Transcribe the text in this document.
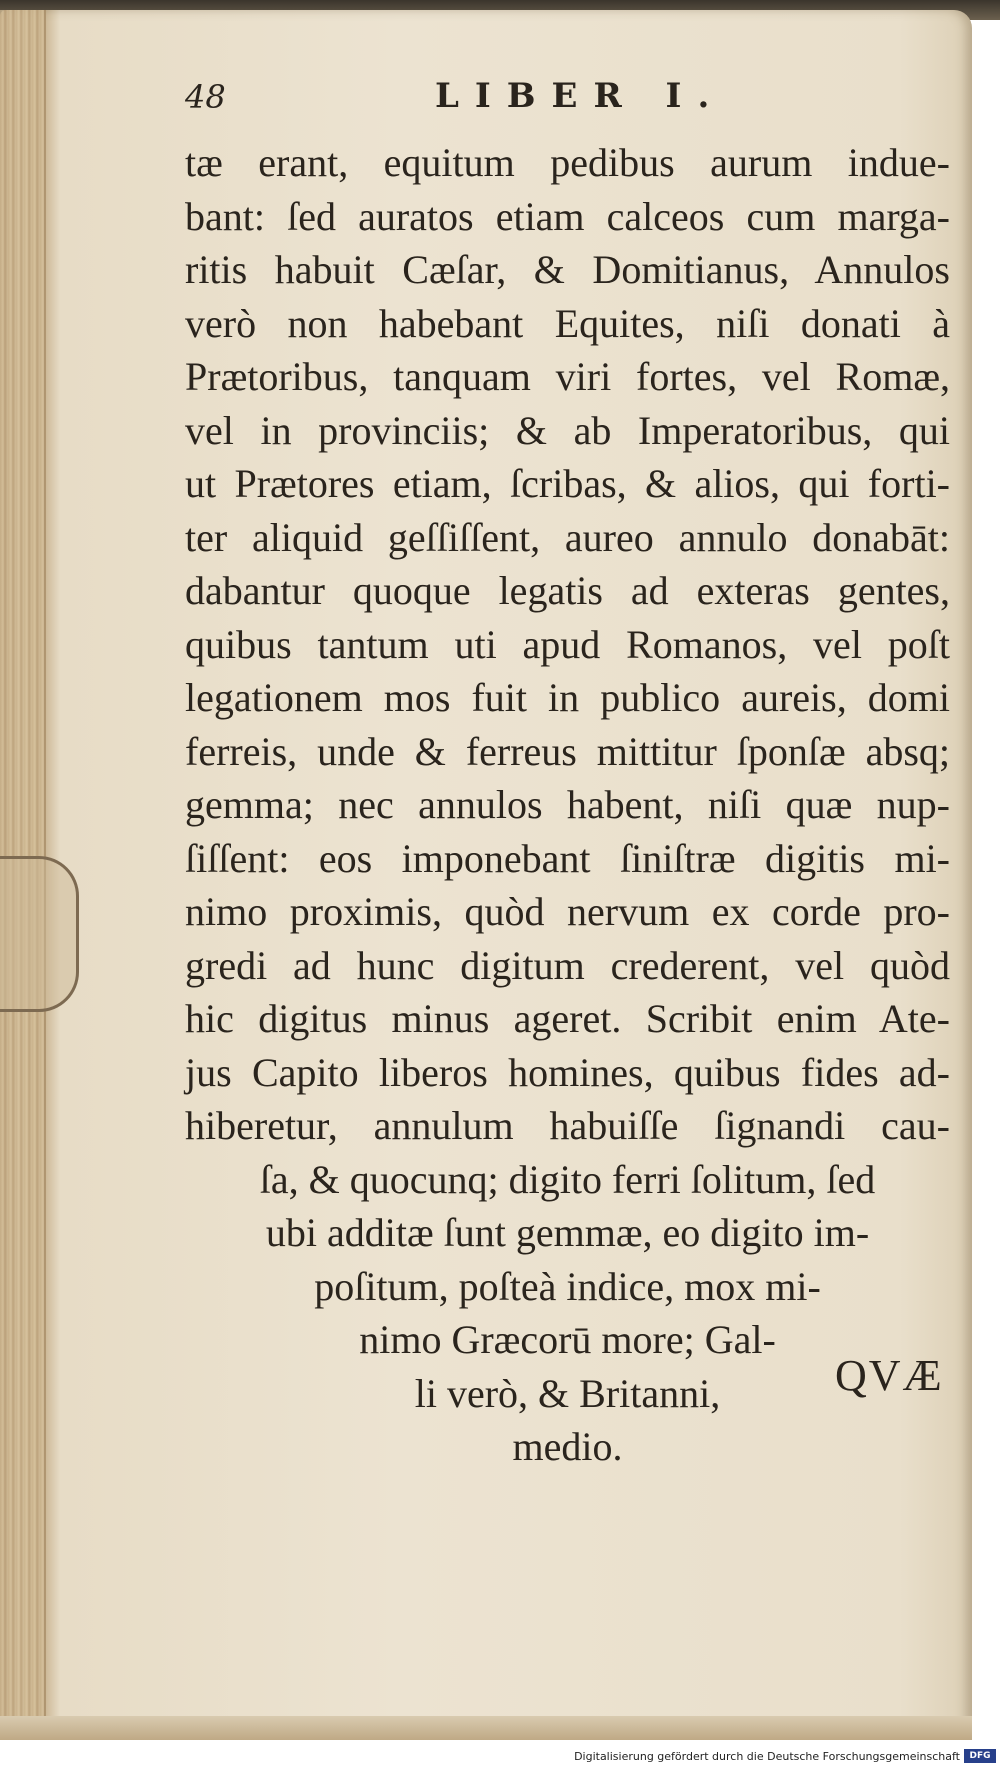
48	LIBER I.
tæ erant, equitum pedibus aurum indue-
bant: ſed auratos etiam calceos cum marga-
ritis habuit Cæſar, & Domitianus, Annulos
verò non habebant Equites, niſi donati à
Prætoribus, tanquam viri fortes, vel Romæ,
vel in provinciis; & ab Imperatoribus, qui
ut Prætores etiam, ſcribas, & alios, qui forti-
ter aliquid geſſiſſent, aureo annulo donabāt:
dabantur quoque legatis ad exteras gentes,
quibus tantum uti apud Romanos, vel poſt
legationem mos fuit in publico aureis, domi
ferreis, unde & ferreus mittitur ſponſæ absq;
gemma; nec annulos habent, niſi quæ nup-
ſiſſent: eos imponebant ſiniſtræ digitis mi-
nimo proximis, quòd nervum ex corde pro-
gredi ad hunc digitum crederent, vel quòd
hic digitus minus ageret. Scribit enim Ate-
jus Capito liberos homines, quibus fides ad-
hiberetur, annulum habuiſſe ſignandi cau-
ſa, & quocunq; digito ferri ſolitum, ſed
ubi additæ ſunt gemmæ, eo digito im-
poſitum, poſteà indice, mox mi-
nimo Græcorū more; Gal-
li verò, & Britanni,
medio.
QVÆ
Digitalisierung gefördert durch die Deutsche Forschungsgemeinschaft	DFG
